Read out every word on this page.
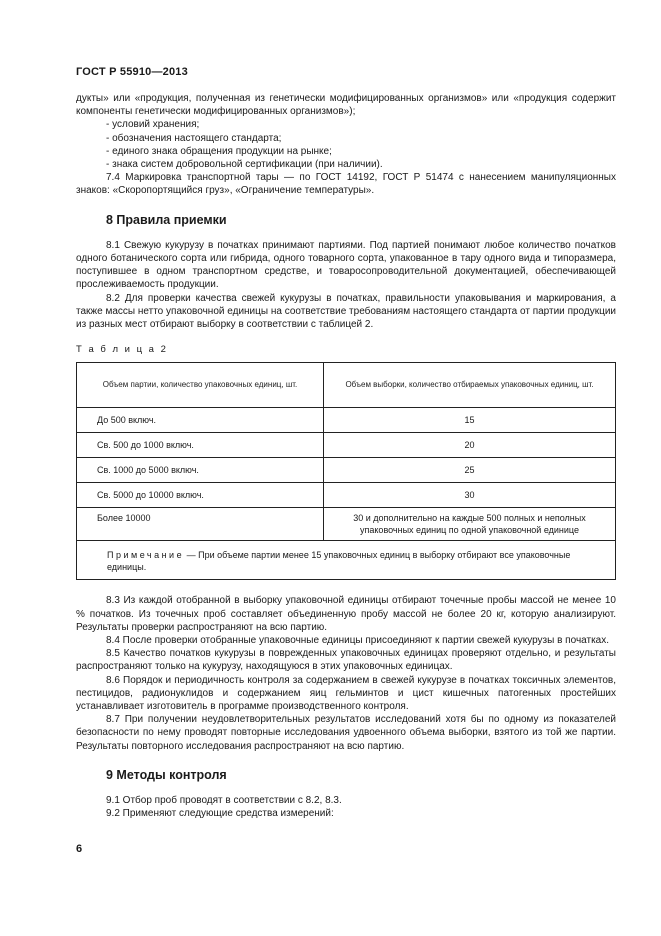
ГОСТ Р 55910—2013

дукты» или «продукция, полученная из генетически модифицированных организмов» или «продукция содержит компоненты генетически модифицированных организмов»);

- условий хранения;

- обозначения настоящего стандарта;

- единого знака обращения продукции на рынке;

- знака систем добровольной сертификации (при наличии).

7.4 Маркировка транспортной тары — по ГОСТ 14192, ГОСТ Р 51474 с нанесением манипуляционных знаков: «Скоропортящийся груз», «Ограничение температуры».

8 Правила приемки

8.1 Свежую кукурузу в початках принимают партиями. Под партией понимают любое количество початков одного ботанического сорта или гибрида, одного товарного сорта, упакованное в тару одного вида и типоразмера, поступившее в одном транспортном средстве, и товаросопроводительной документацией, обеспечивающей прослеживаемость продукции.

8.2 Для проверки качества свежей кукурузы в початках, правильности упаковывания и маркирования, а также массы нетто упаковочной единицы на соответствие требованиям настоящего стандарта от партии продукции из разных мест отбирают выборку в соответствии с таблицей 2.

Т а б л и ц а 2
Объем партии, количество упаковочных единиц, шт.	Объем выборки, количество отбираемых упаковочных единиц, шт.
До 500 включ.	15
Св. 500 до 1000 включ.	20
Св. 1000 до 5000 включ.	25
Св. 5000 до 10000 включ.	30
Более 10000	30 и дополнительно на каждые 500 полных и неполных упаковочных единиц по одной упаковочной единице
Примечание — При объеме партии менее 15 упаковочных единиц в выборку отбирают все упаковочные единицы.	

8.3 Из каждой отобранной в выборку упаковочной единицы отбирают точечные пробы массой не менее 10 % початков. Из точечных проб составляет объединенную пробу массой не более 20 кг, которую анализируют. Результаты проверки распространяют на всю партию.

8.4 После проверки отобранные упаковочные единицы присоединяют к партии свежей кукурузы в початках.

8.5 Качество початков кукурузы в поврежденных упаковочных единицах проверяют отдельно, и результаты распространяют только на кукурузу, находящуюся в этих упаковочных единицах.

8.6 Порядок и периодичность контроля за содержанием в свежей кукурузе в початках токсичных элементов, пестицидов, радионуклидов и содержанием яиц гельминтов и цист кишечных патогенных простейших устанавливает изготовитель в программе производственного контроля.

8.7 При получении неудовлетворительных результатов исследований хотя бы по одному из показателей безопасности по нему проводят повторные исследования удвоенного объема выборки, взятого из той же партии. Результаты повторного исследования распространяют на всю партию.

9 Методы контроля

9.1 Отбор проб проводят в соответствии с 8.2, 8.3.

9.2 Применяют следующие средства измерений:

6
